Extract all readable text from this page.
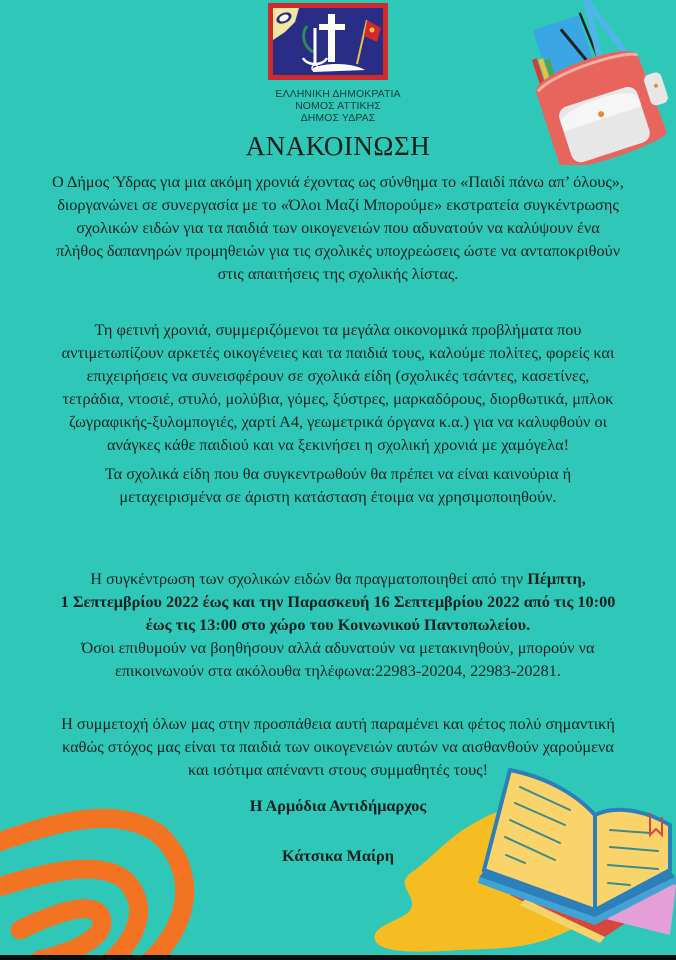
ΕΛΛΗΝΙΚΗ ΔΗΜΟΚΡΑΤΙΑ
ΝΟΜΟΣ ΑΤΤΙΚΗΣ
ΔΗΜΟΣ ΥΔΡΑΣ
ΑΝΑΚΟΙΝΩΣΗ
Ο Δήμος Ύδρας για μια ακόμη χρονιά έχοντας ως σύνθημα το «Παιδί πάνω απ’ όλους»,
διοργανώνει σε συνεργασία με το «Όλοι Μαζί Μπορούμε» εκστρατεία συγκέντρωσης
σχολικών ειδών για τα παιδιά των οικογενειών που αδυνατούν να καλύψουν ένα
πλήθος δαπανηρών προμηθειών για τις σχολικές υποχρεώσεις ώστε να ανταποκριθούν
στις απαιτήσεις της σχολικής λίστας.
Τη φετινή χρονιά, συμμεριζόμενοι τα μεγάλα οικονομικά προβλήματα που
αντιμετωπίζουν αρκετές οικογένειες και τα παιδιά τους, καλούμε πολίτες, φορείς και
επιχειρήσεις να συνεισφέρουν σε σχολικά είδη (σχολικές τσάντες, κασετίνες,
τετράδια, ντοσιέ, στυλό, μολύβια, γόμες, ξύστρες, μαρκαδόρους, διορθωτικά, μπλοκ
ζωγραφικής-ξυλομπογιές, χαρτί Α4, γεωμετρικά όργανα κ.α.) για να καλυφθούν οι
ανάγκες κάθε παιδιού και να ξεκινήσει η σχολική χρονιά με χαμόγελα!
Τα σχολικά είδη που θα συγκεντρωθούν θα πρέπει να είναι καινούρια ή
μεταχειρισμένα σε άριστη κατάσταση έτοιμα να χρησιμοποιηθούν.
Η συγκέντρωση των σχολικών ειδών θα πραγματοποιηθεί από την Πέμπτη,
1 Σεπτεμβρίου 2022 έως και την Παρασκευή 16 Σεπτεμβρίου 2022 από τις 10:00
έως τις 13:00 στο χώρο του Κοινωνικού Παντοπωλείου.
Όσοι επιθυμούν να βοηθήσουν αλλά αδυνατούν να μετακινηθούν, μπορούν να
επικοινωνούν στα ακόλουθα τηλέφωνα:22983-20204, 22983-20281.
Η συμμετοχή όλων μας στην προσπάθεια αυτή παραμένει και φέτος πολύ σημαντική
καθώς στόχος μας είναι τα παιδιά των οικογενειών αυτών να αισθανθούν χαρούμενα
και ισότιμα απέναντι στους συμμαθητές τους!
Η Αρμόδια Αντιδήμαρχος
Κάτσικα Μαίρη
